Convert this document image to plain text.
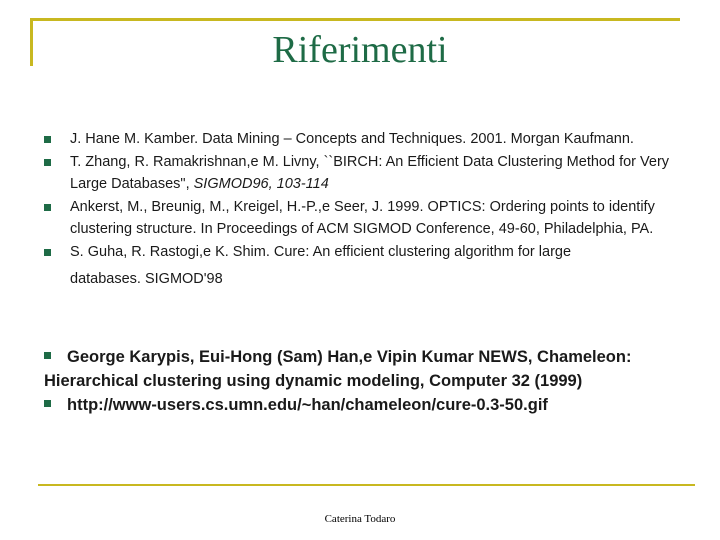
Riferimenti
J. Hane M. Kamber. Data Mining – Concepts and Techniques. 2001. Morgan Kaufmann.
T. Zhang, R. Ramakrishnan,e M. Livny, ``BIRCH: An Efficient Data Clustering Method for Very Large Databases", SIGMOD96, 103-114
Ankerst, M., Breunig, M., Kreigel, H.-P.,e Seer, J. 1999. OPTICS: Ordering points to identify clustering structure. In Proceedings of ACM SIGMOD Conference, 49-60, Philadelphia, PA.
S. Guha, R. Rastogi,e K. Shim. Cure: An efficient clustering algorithm for large
databases. SIGMOD'98
George Karypis, Eui-Hong (Sam) Han,e Vipin Kumar NEWS, Chameleon: Hierarchical clustering using dynamic modeling, Computer 32 (1999)
http://www-users.cs.umn.edu/~han/chameleon/cure-0.3-50.gif
Caterina Todaro
